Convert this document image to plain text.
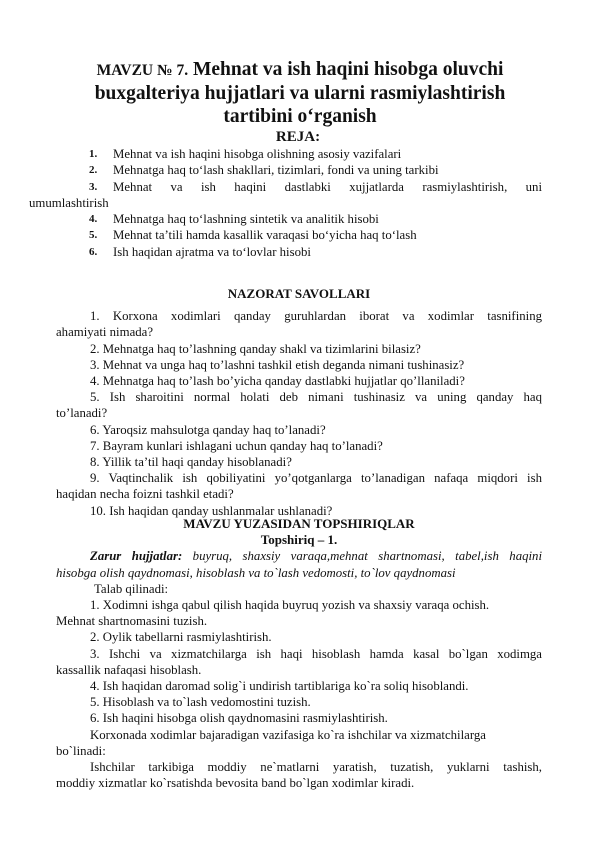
MAVZU № 7. Mehnat va ish haqini hisobga oluvchi
buxgalteriya hujjatlari va ularni rasmiylashtirish
tartibini o‘rganish
REJA:
1.	Mehnat va ish haqini hisobga olishning asosiy vazifalari
2.	Mehnatga haq to‘lash shakllari, tizimlari, fondi va uning tarkibi
3.	Mehnat va ish haqini dastlabki xujjatlarda rasmiylashtirish, uni
umumlashtirish
4.	Mehnatga haq to‘lashning sintetik va analitik hisobi
5.	Mehnat ta’tili hamda kasallik varaqasi bo‘yicha haq to‘lash
6.	Ish haqidan ajratma va to‘lovlar hisobi
NAZORAT SAVOLLARI
1. Korxona xodimlari qanday guruhlardan iborat va xodimlar tasnifining
ahamiyati nimada?
2. Mehnatga haq to’lashning qanday shakl va tizimlarini bilasiz?
3. Mehnat va unga haq to’lashni tashkil etish deganda nimani tushinasiz?
4. Mehnatga haq to’lash bo’yicha qanday dastlabki hujjatlar qo’llaniladi?
5. Ish sharoitini normal holati deb nimani tushinasiz va uning qanday haq
to’lanadi?
6. Yaroqsiz mahsulotga qanday haq to’lanadi?
7. Bayram kunlari ishlagani uchun qanday haq to’lanadi?
8. Yillik ta’til haqi qanday hisoblanadi?
9. Vaqtinchalik ish qobiliyatini yo’qotganlarga to’lanadigan nafaqa miqdori ish
haqidan necha foizni tashkil etadi?
10. Ish haqidan qanday ushlanmalar ushlanadi?
MAVZU YUZASIDAN TOPSHIRIQLAR
Topshiriq – 1.
Zarur hujjatlar: buyruq, shaxsiy varaqa,mehnat shartnomasi, tabel,ish haqini
hisobga olish qaydnomasi, hisoblash va to`lash vedomosti, to`lov qaydnomasi
Talab qilinadi:
1. Xodimni ishga qabul qilish haqida buyruq yozish va shaxsiy varaqa ochish.
Mehnat shartnomasini tuzish.
2. Oylik tabellarni rasmiylashtirish.
3. Ishchi va xizmatchilarga ish haqi hisoblash hamda kasal bo`lgan xodimga
kassallik nafaqasi hisoblash.
4. Ish haqidan daromad solig`i undirish tartiblariga ko`ra soliq hisoblandi.
5. Hisoblash va to`lash vedomostini tuzish.
6. Ish haqini hisobga olish qaydnomasini rasmiylashtirish.
Korxonada xodimlar bajaradigan vazifasiga ko`ra ishchilar va xizmatchilarga
bo`linadi:
Ishchilar tarkibiga moddiy ne`matlarni yaratish, tuzatish, yuklarni tashish,
moddiy xizmatlar ko`rsatishda bevosita band bo`lgan xodimlar kiradi.
